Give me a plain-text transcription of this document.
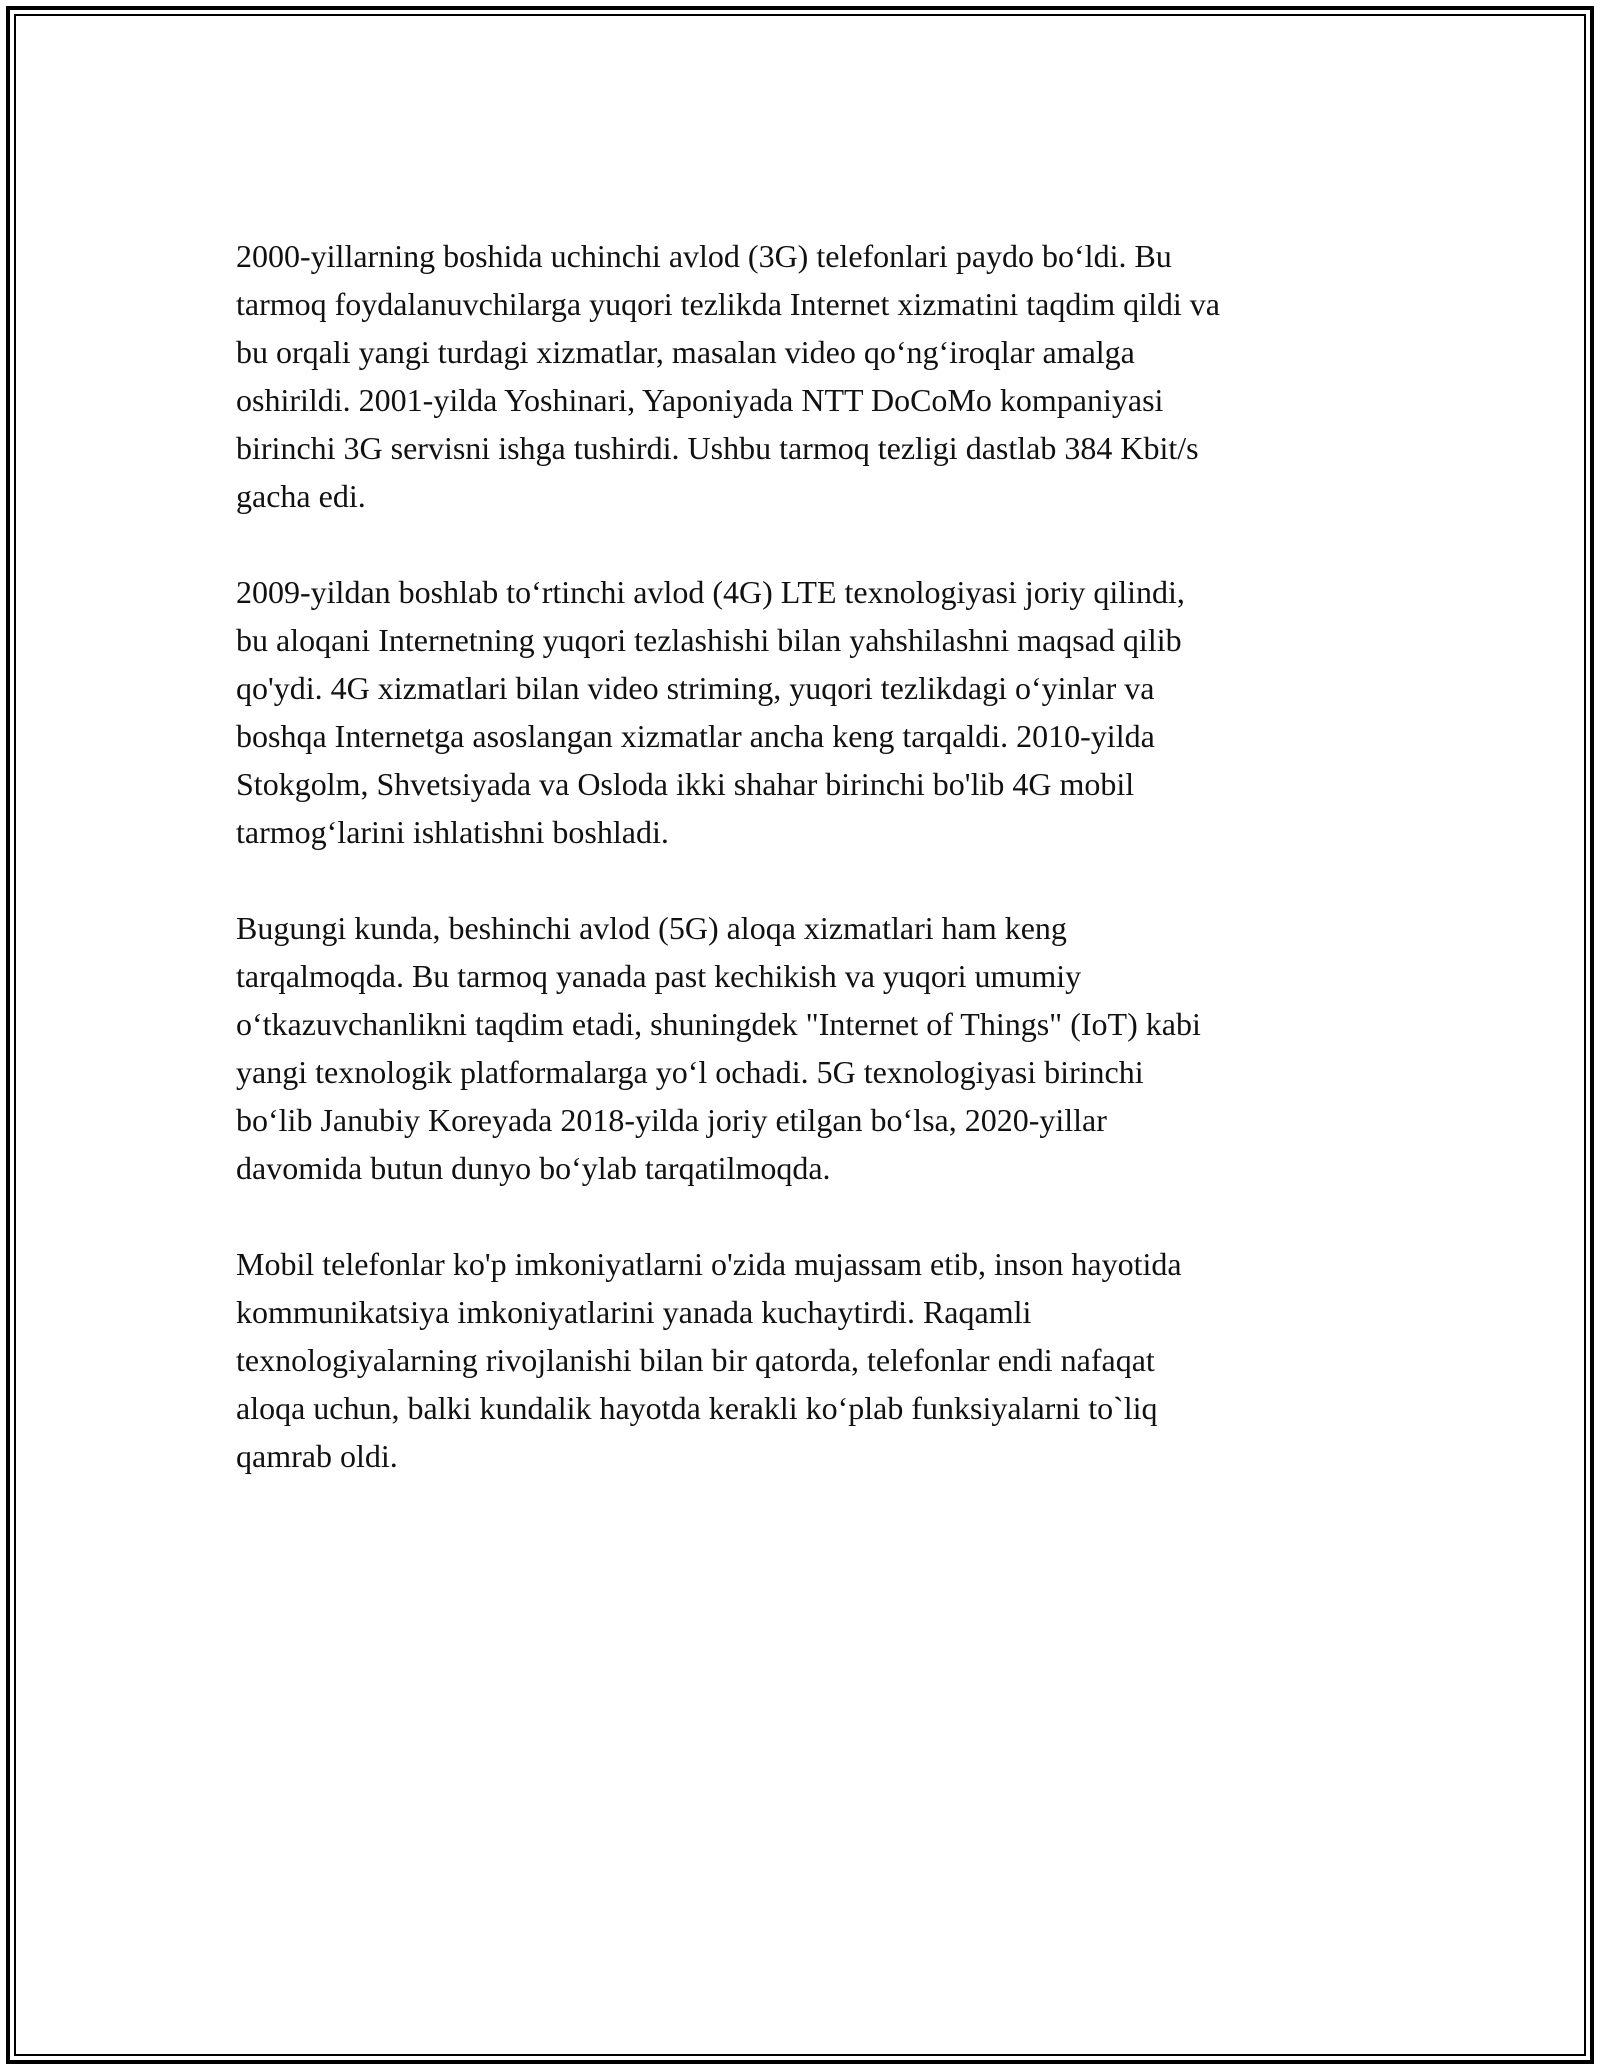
2000-yillarning boshida uchinchi avlod (3G) telefonlari paydo bo‘ldi. Bu
tarmoq foydalanuvchilarga yuqori tezlikda Internet xizmatini taqdim qildi va
bu orqali yangi turdagi xizmatlar, masalan video qo‘ng‘iroqlar amalga
oshirildi. 2001-yilda Yoshinari, Yaponiyada NTT DoCoMo kompaniyasi
birinchi 3G servisni ishga tushirdi. Ushbu tarmoq tezligi dastlab 384 Kbit/s
gacha edi.

2009-yildan boshlab to‘rtinchi avlod (4G) LTE texnologiyasi joriy qilindi,
bu aloqani Internetning yuqori tezlashishi bilan yahshilashni maqsad qilib
qo'ydi. 4G xizmatlari bilan video striming, yuqori tezlikdagi o‘yinlar va
boshqa Internetga asoslangan xizmatlar ancha keng tarqaldi. 2010-yilda
Stokgolm, Shvetsiyada va Osloda ikki shahar birinchi bo'lib 4G mobil
tarmog‘larini ishlatishni boshladi.

Bugungi kunda, beshinchi avlod (5G) aloqa xizmatlari ham keng
tarqalmoqda. Bu tarmoq yanada past kechikish va yuqori umumiy
o‘tkazuvchanlikni taqdim etadi, shuningdek "Internet of Things" (IoT) kabi
yangi texnologik platformalarga yo‘l ochadi. 5G texnologiyasi birinchi
bo‘lib Janubiy Koreyada 2018-yilda joriy etilgan bo‘lsa, 2020-yillar
davomida butun dunyo bo‘ylab tarqatilmoqda.

Mobil telefonlar ko'p imkoniyatlarni o'zida mujassam etib, inson hayotida
kommunikatsiya imkoniyatlarini yanada kuchaytirdi. Raqamli
texnologiyalarning rivojlanishi bilan bir qatorda, telefonlar endi nafaqat
aloqa uchun, balki kundalik hayotda kerakli ko‘plab funksiyalarni to`liq
qamrab oldi.
